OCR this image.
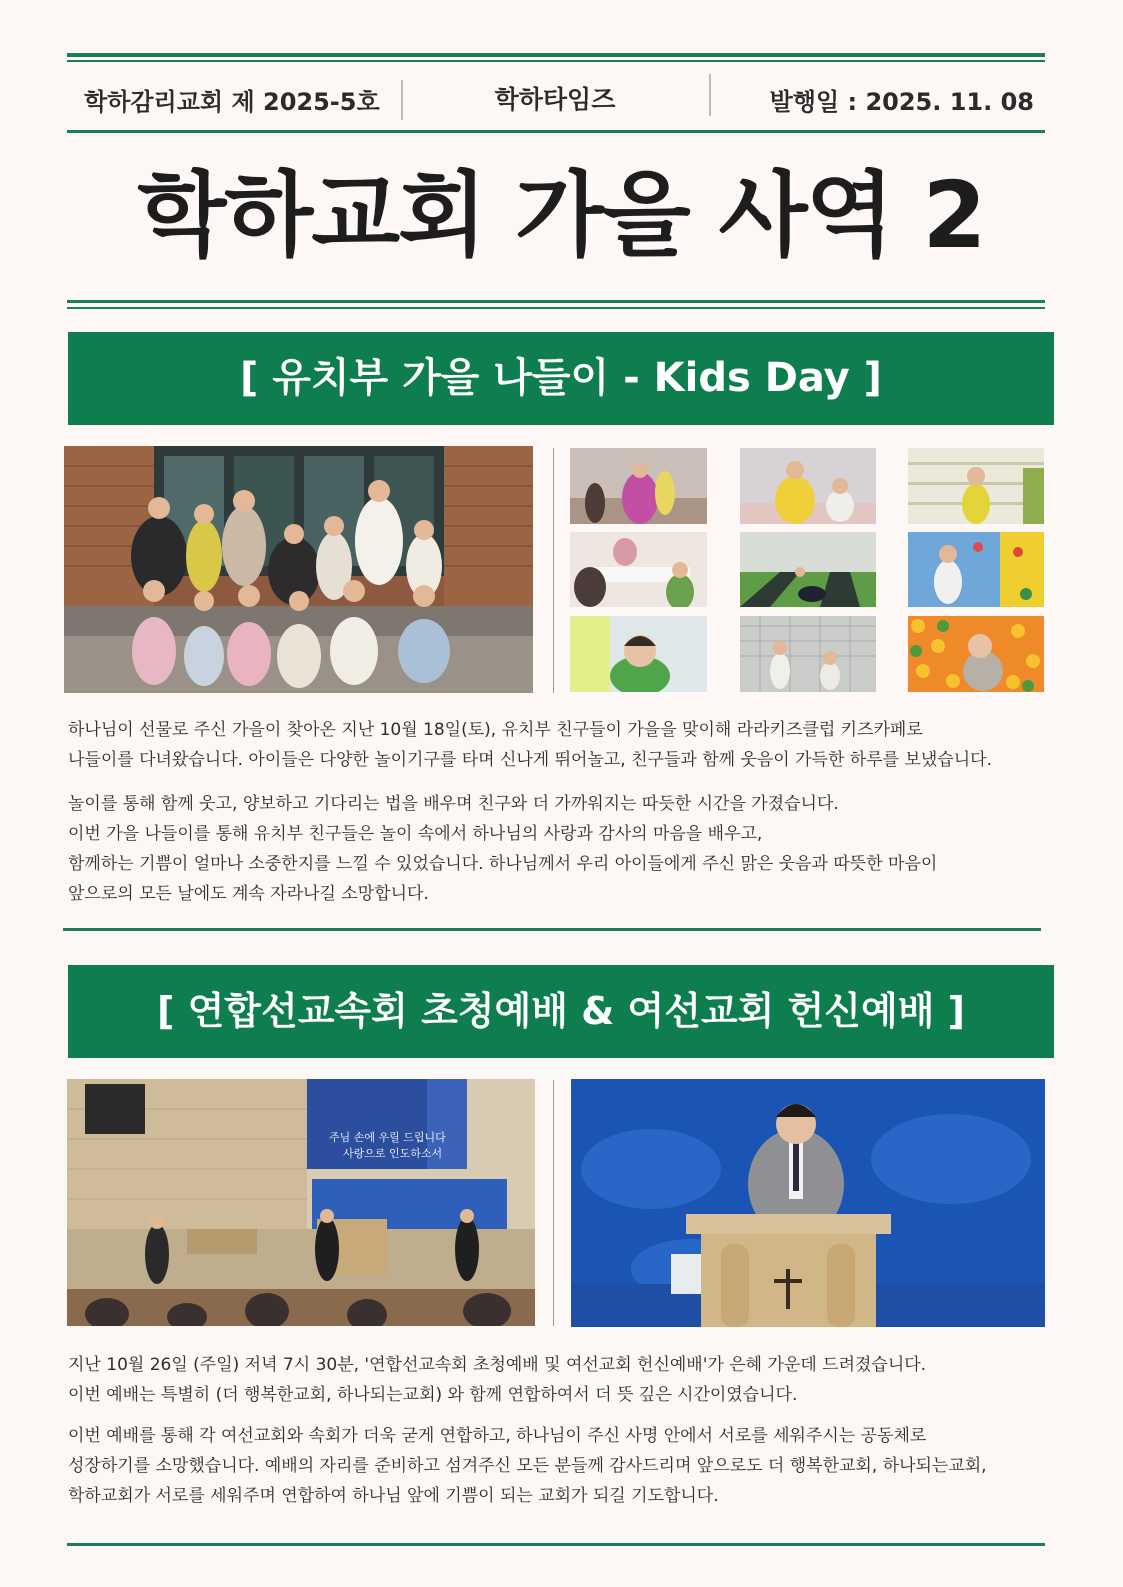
학하감리교회 제 2025-5호	학하타임즈	발행일 : 2025. 11. 08
학하교회 가을 사역 2
[ 유치부 가을 나들이 - Kids Day ]

하나님이 선물로 주신 가을이 찾아온 지난 10월 18일(토), 유치부 친구들이 가을을 맞이해 라라키즈클럽 키즈카페로

나들이를 다녀왔습니다. 아이들은 다양한 놀이기구를 타며 신나게 뛰어놀고, 친구들과 함께 웃음이 가득한 하루를 보냈습니다.

놀이를 통해 함께 웃고, 양보하고 기다리는 법을 배우며 친구와 더 가까워지는 따듯한 시간을 가졌습니다.

이번 가을 나들이를 통해 유치부 친구들은 놀이 속에서 하나님의 사랑과 감사의 마음을 배우고,

함께하는 기쁨이 얼마나 소중한지를 느낄 수 있었습니다. 하나님께서 우리 아이들에게 주신 맑은 웃음과 따뜻한 마음이

앞으로의 모든 날에도 계속 자라나길 소망합니다.

[ 연합선교속회 초청예배 & 여선교회 헌신예배 ]
주님 손에 우릴 드립니다
사랑으로 인도하소서

지난 10월 26일 (주일) 저녁 7시 30분, '연합선교속회 초청예배 및 여선교회 헌신예배'가 은혜 가운데 드려졌습니다.

이번 예배는 특별히 (더 행복한교회, 하나되는교회) 와 함께 연합하여서 더 뜻 깊은 시간이였습니다.

이번 예배를 통해 각 여선교회와 속회가 더욱 굳게 연합하고, 하나님이 주신 사명 안에서 서로를 세워주시는 공동체로

성장하기를 소망했습니다. 예배의 자리를 준비하고 섬겨주신 모든 분들께 감사드리며 앞으로도 더 행복한교회, 하나되는교회,

학하교회가 서로를 세워주며 연합하여 하나님 앞에 기쁨이 되는 교회가 되길 기도합니다.
